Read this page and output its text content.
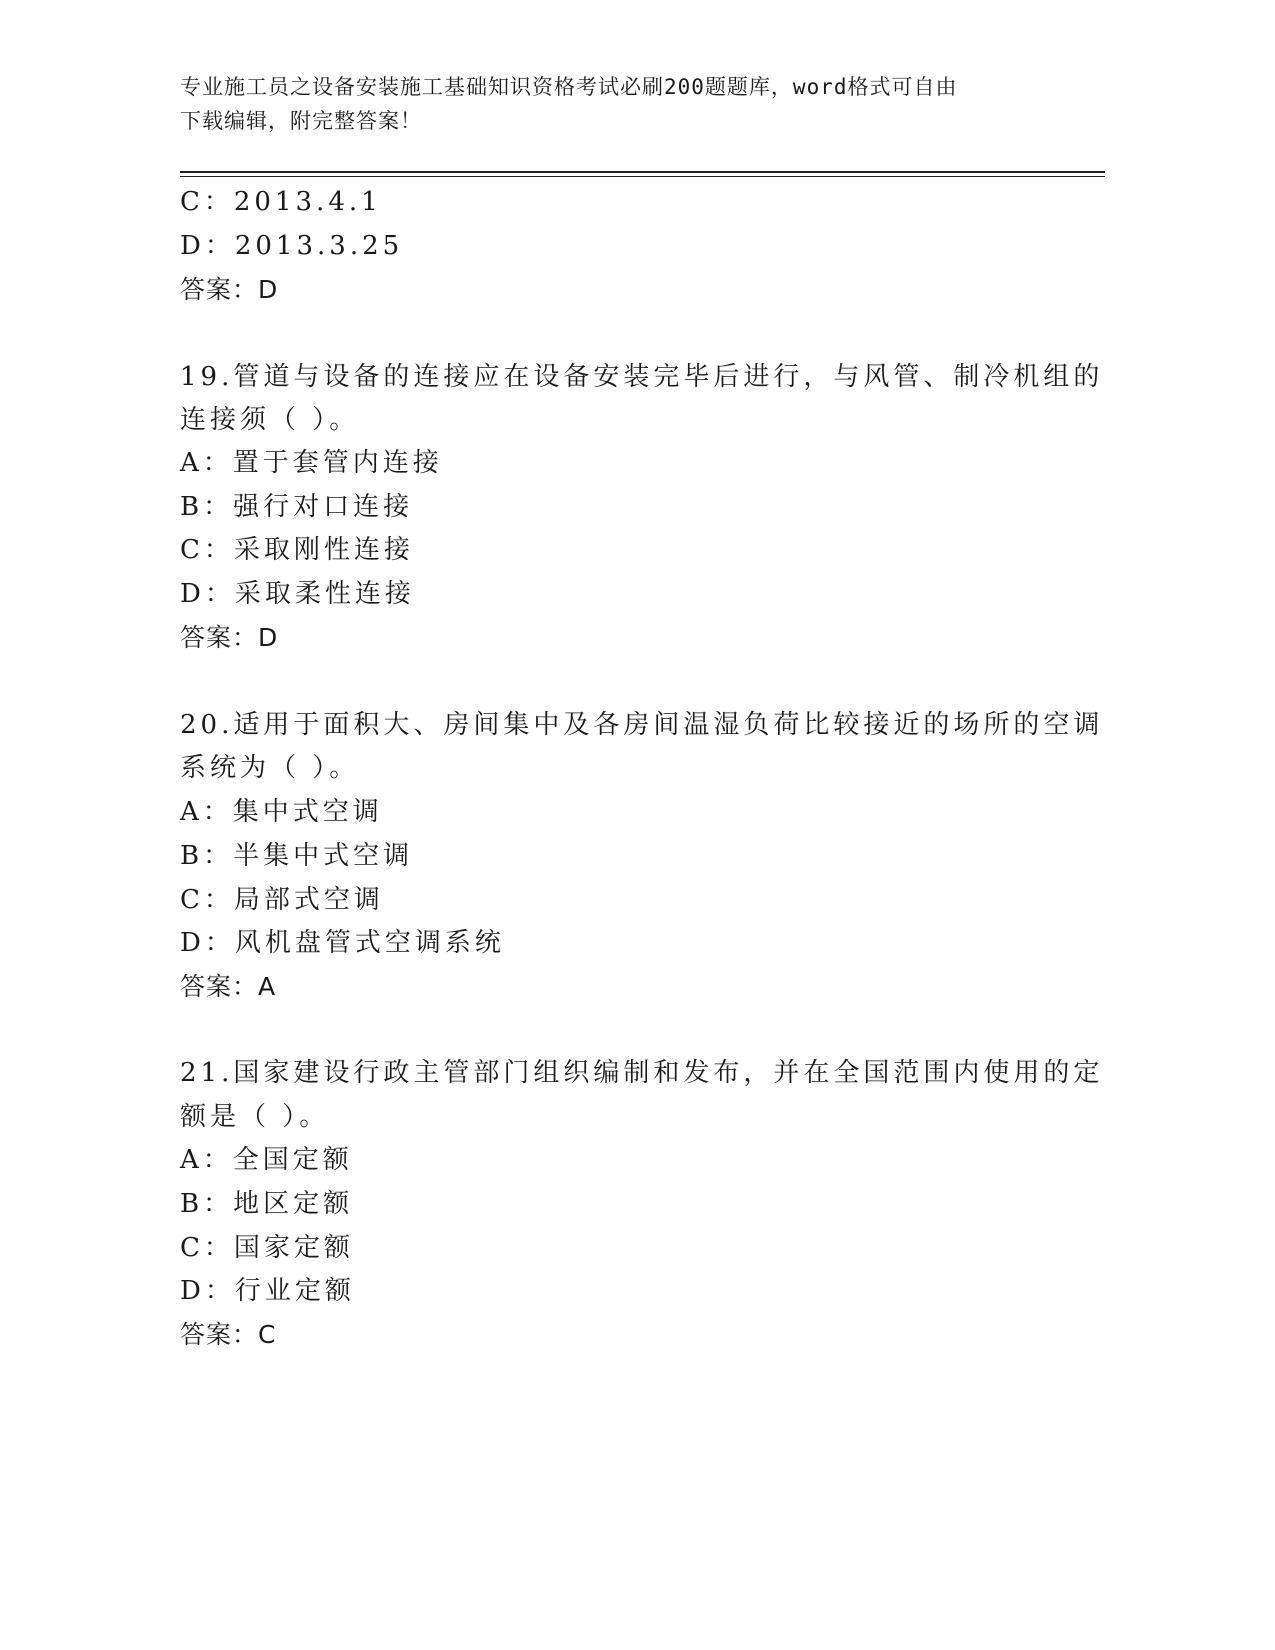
专业施工员之设备安装施工基础知识资格考试必刷200题题库，word格式可自由
下载编辑，附完整答案！
C：2013.4.1
D：2013.3.25
答案：D
19.管道与设备的连接应在设备安装完毕后进行，与风管、制冷机组的
连接须（ ）。
A：置于套管内连接
B：强行对口连接
C：采取刚性连接
D：采取柔性连接
答案：D
20.适用于面积大、房间集中及各房间温湿负荷比较接近的场所的空调
系统为（ ）。
A：集中式空调
B：半集中式空调
C：局部式空调
D：风机盘管式空调系统
答案：A
21.国家建设行政主管部门组织编制和发布，并在全国范围内使用的定
额是（ ）。
A：全国定额
B：地区定额
C：国家定额
D：行业定额
答案：C
